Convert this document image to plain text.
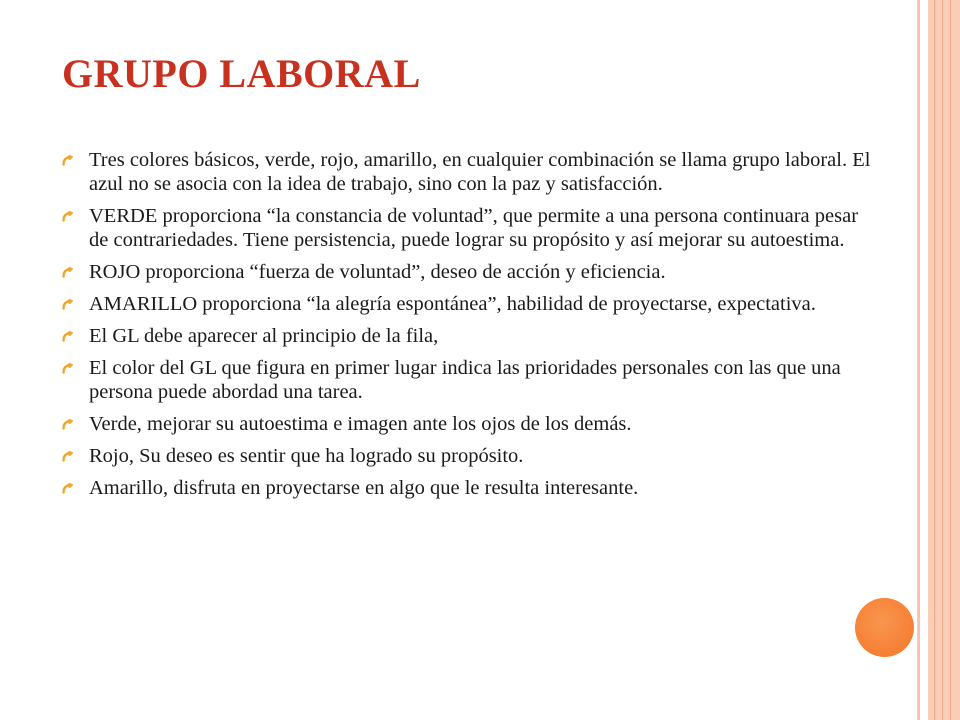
GRUPO LABORAL
Tres colores básicos, verde, rojo, amarillo, en cualquier combinación se llama grupo laboral. El azul no se asocia con la idea de trabajo, sino con la paz y satisfacción.
VERDE proporciona “la constancia de voluntad”, que permite a una persona continuara pesar de contrariedades. Tiene persistencia, puede lograr su propósito y así mejorar su autoestima.
ROJO proporciona “fuerza de voluntad”, deseo de acción y eficiencia.
AMARILLO proporciona “la alegría espontánea”, habilidad de proyectarse, expectativa.
El GL debe aparecer al principio de la fila,
El color del GL que figura en primer lugar indica las prioridades personales con las que una persona puede abordad una tarea.
Verde, mejorar su autoestima e imagen ante los ojos de los demás.
Rojo, Su deseo es sentir que ha logrado su propósito.
Amarillo, disfruta en proyectarse en algo que le resulta interesante.
